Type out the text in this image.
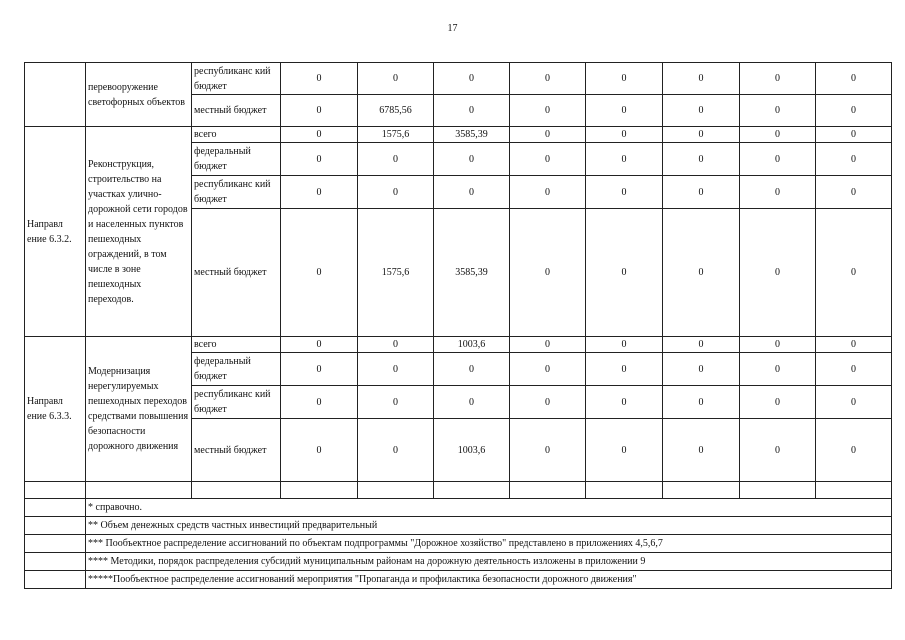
17
	перевооружение светофорных объектов	республиканс кий бюджет	0	0	0	0	0	0	0	0
		местный бюджет	0	6785,56	0	0	0	0	0	0
Направл ение 6.3.2.	Реконструкция, строительство на участках улично-дорожной сети городов и населенных пунктов пешеходных ограждений, в том числе в зоне пешеходных переходов.	всего	0	1575,6	3585,39	0	0	0	0	0
		федеральный бюджет	0	0	0	0	0	0	0	0
		республиканс кий бюджет	0	0	0	0	0	0	0	0
		местный бюджет	0	1575,6	3585,39	0	0	0	0	0
Направл ение 6.3.3.	Модернизация нерегулируемых пешеходных переходов средствами повышения безопасности дорожного движения	всего	0	0	1003,6	0	0	0	0	0
		федеральный бюджет	0	0	0	0	0	0	0	0
		республиканс кий бюджет	0	0	0	0	0	0	0	0
		местный бюджет	0	0	1003,6	0	0	0	0	0

	* справочно.									
	** Объем денежных средств частных инвестиций предварительный									
	*** Пообъектное распределение ассигнований по объектам подпрограммы "Дорожное хозяйство" представлено в приложениях 4,5,6,7									
	**** Методики, порядок распределения субсидий муниципальным районам на дорожную деятельность изложены в приложении 9									
	*****Пообъектное распределение ассигнований мероприятия "Пропаганда и профилактика безопасности дорожного движения"									
